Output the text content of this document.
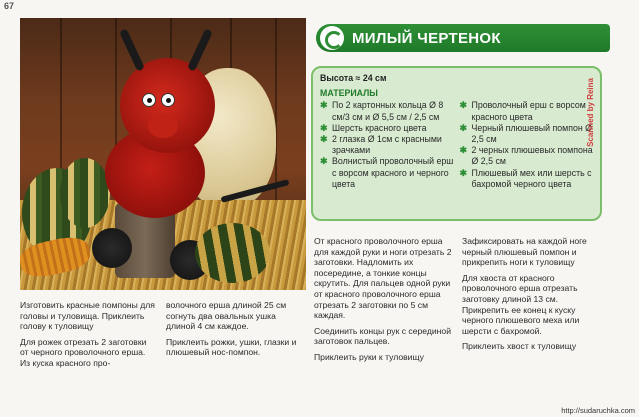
67
МИЛЫЙ ЧЕРТЕНОК
Высота ≈ 24 см
МАТЕРИАЛЫ
✱ По 2 картонных кольца Ø 8 см/3 см и Ø 5,5 см / 2,5 см
✱ Шерсть красного цвета
✱ 2 глазка Ø 1см с красными зрачками
✱ Волнистый проволочный ерш с ворсом красного и черного цвета
✱ Проволочный ерш с ворсом красного цвета
✱ Черный плюшевый помпон Ø 2,5 см
✱ 2 черных плюшевых помпона Ø 2,5 см
✱ Плюшевый мех или шерсть с бахромой черного цвета
Scanned by Reina

Изготовить красные помпоны для головы и туловища. Приклеить голову к туловищу

Для рожек отрезать 2 заготовки от черного проволочного ерша. Из куска красного про-

волочного ерша длиной 25 см согнуть два овальных ушка длиной 4 см каждое.

Приклеить рожки, ушки, глазки и плюшевый нос-помпон.

От красного проволочного ерша для каждой руки и ноги отрезать 2 заготовки. Надломить их посередине, а тонкие концы скрутить. Для пальцев одной руки от красного проволочного ерша отрезать 2 заготовки по 5 см каждая.

Соединить концы рук с серединой заготовок пальцев.

Приклеить руки к туловищу

Зафиксировать на каждой ноге черный плюшевый помпон и прикрепить ноги к туловищу

Для хвоста от красного проволочного ерша отрезать заготовку длиной 13 см. Прикрепить ее конец к куску черного плюшевого меха или шерсти с бахромой.

Приклеить хвост к туловищу

http://sudaruchka.com
